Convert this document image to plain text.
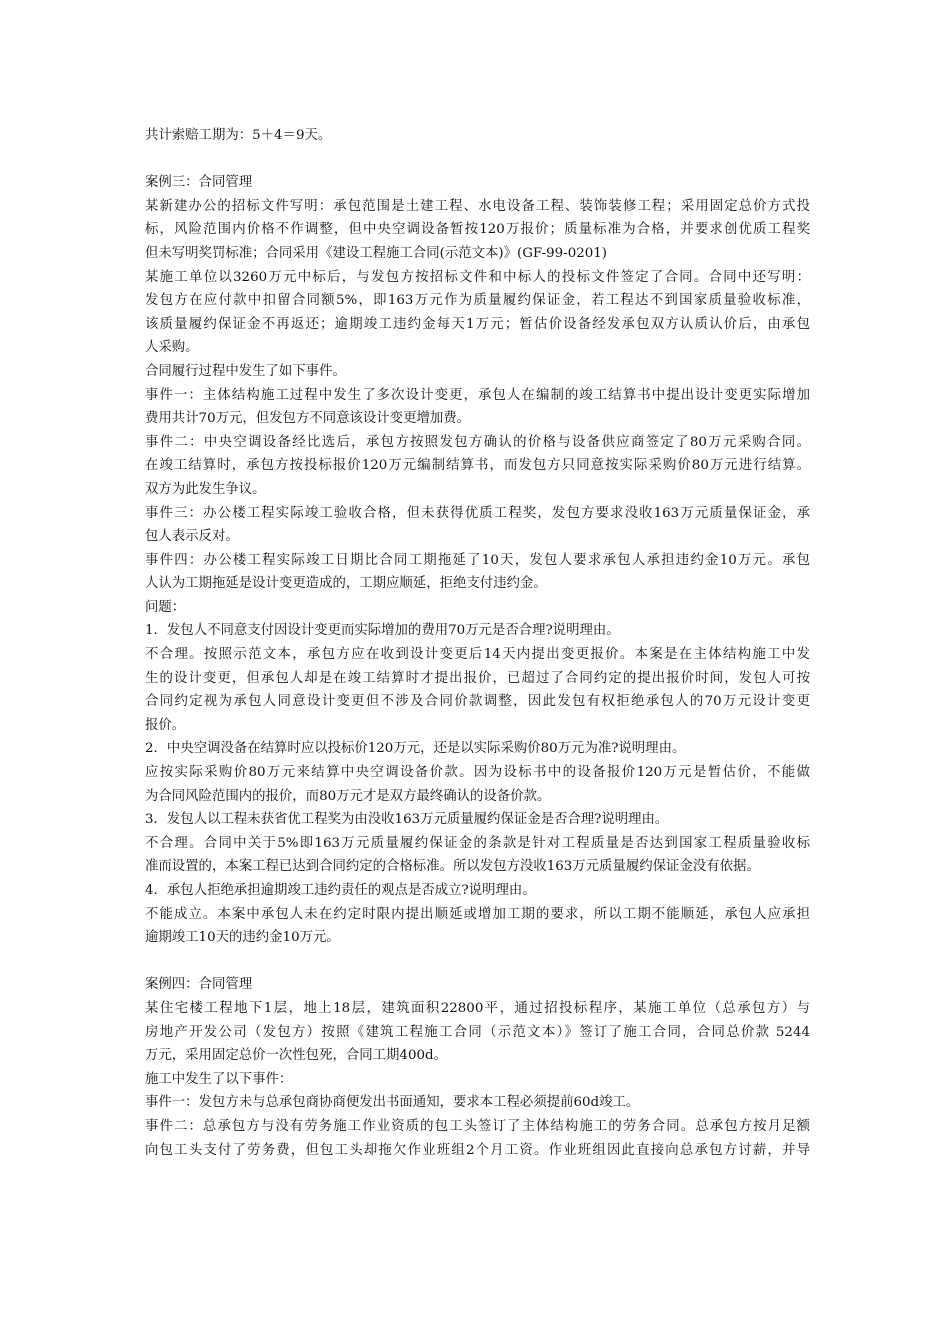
共计索赔工期为：5＋4＝9天。
案例三：合同管理
某新建办公的招标文件写明：承包范围是土建工程、水电设备工程、装饰装修工程；采用固定总价方式投
标，风险范围内价格不作调整，但中央空调设备暂按120万报价；质量标准为合格，并要求创优质工程奖
但未写明奖罚标准；合同采用《建设工程施工合同(示范文本)》(GF-99-0201)
某施工单位以3260万元中标后，与发包方按招标文件和中标人的投标文件签定了合同。合同中还写明：
发包方在应付款中扣留合同额5%，即163万元作为质量履约保证金，若工程达不到国家质量验收标准，
该质量履约保证金不再返还；逾期竣工违约金每天1万元；暂估价设备经发承包双方认质认价后，由承包
人采购。
合同履行过程中发生了如下事件。
事件一：主体结构施工过程中发生了多次设计变更，承包人在编制的竣工结算书中提出设计变更实际增加
费用共计70万元，但发包方不同意该设计变更增加费。
事件二：中央空调设备经比选后，承包方按照发包方确认的价格与设备供应商签定了80万元采购合同。
在竣工结算时，承包方按投标报价120万元编制结算书，而发包方只同意按实际采购价80万元进行结算。
双方为此发生争议。
事件三：办公楼工程实际竣工验收合格，但未获得优质工程奖，发包方要求没收163万元质量保证金，承
包人表示反对。
事件四：办公楼工程实际竣工日期比合同工期拖延了10天，发包人要求承包人承担违约金10万元。承包
人认为工期拖延是设计变更造成的，工期应顺延，拒绝支付违约金。
问题：
1．发包人不同意支付因设计变更而实际增加的费用70万元是否合理?说明理由。
不合理。按照示范文本，承包方应在收到设计变更后14天内提出变更报价。本案是在主体结构施工中发
生的设计变更，但承包人却是在竣工结算时才提出报价，已超过了合同约定的提出报价时间，发包人可按
合同约定视为承包人同意设计变更但不涉及合同价款调整，因此发包有权拒绝承包人的70万元设计变更
报价。
2．中央空调没备在结算时应以投标价120万元，还是以实际采购价80万元为准?说明理由。
应按实际采购价80万元来结算中央空调设备价款。因为设标书中的设备报价120万元是暂估价，不能做
为合同风险范围内的报价，而80万元才是双方最终确认的设备价款。
3．发包人以工程未获省优工程奖为由没收163万元质量履约保证金是否合理?说明理由。
不合理。合同中关于5%即163万元质量履约保证金的条款是针对工程质量是否达到国家工程质量验收标
准而设置的，本案工程已达到合同约定的合格标准。所以发包方没收163万元质量履约保证金没有依据。
4．承包人拒绝承担逾期竣工违约责任的观点是否成立?说明理由。
不能成立。本案中承包人未在约定时限内提出顺延或增加工期的要求，所以工期不能顺延，承包人应承担
逾期竣工10天的违约金10万元。
案例四：合同管理
某住宅楼工程地下1层，地上18层，建筑面积22800平，通过招投标程序，某施工单位（总承包方）与
房地产开发公司（发包方）按照《建筑工程施工合同（示范文本）》签订了施工合同，合同总价款 5244
万元，采用固定总价一次性包死，合同工期400d。
施工中发生了以下事件：
事件一：发包方未与总承包商协商便发出书面通知，要求本工程必须提前60d竣工。
事件二：总承包方与没有劳务施工作业资质的包工头签订了主体结构施工的劳务合同。总承包方按月足额
向包工头支付了劳务费，但包工头却拖欠作业班组2个月工资。作业班组因此直接向总承包方讨薪，并导
